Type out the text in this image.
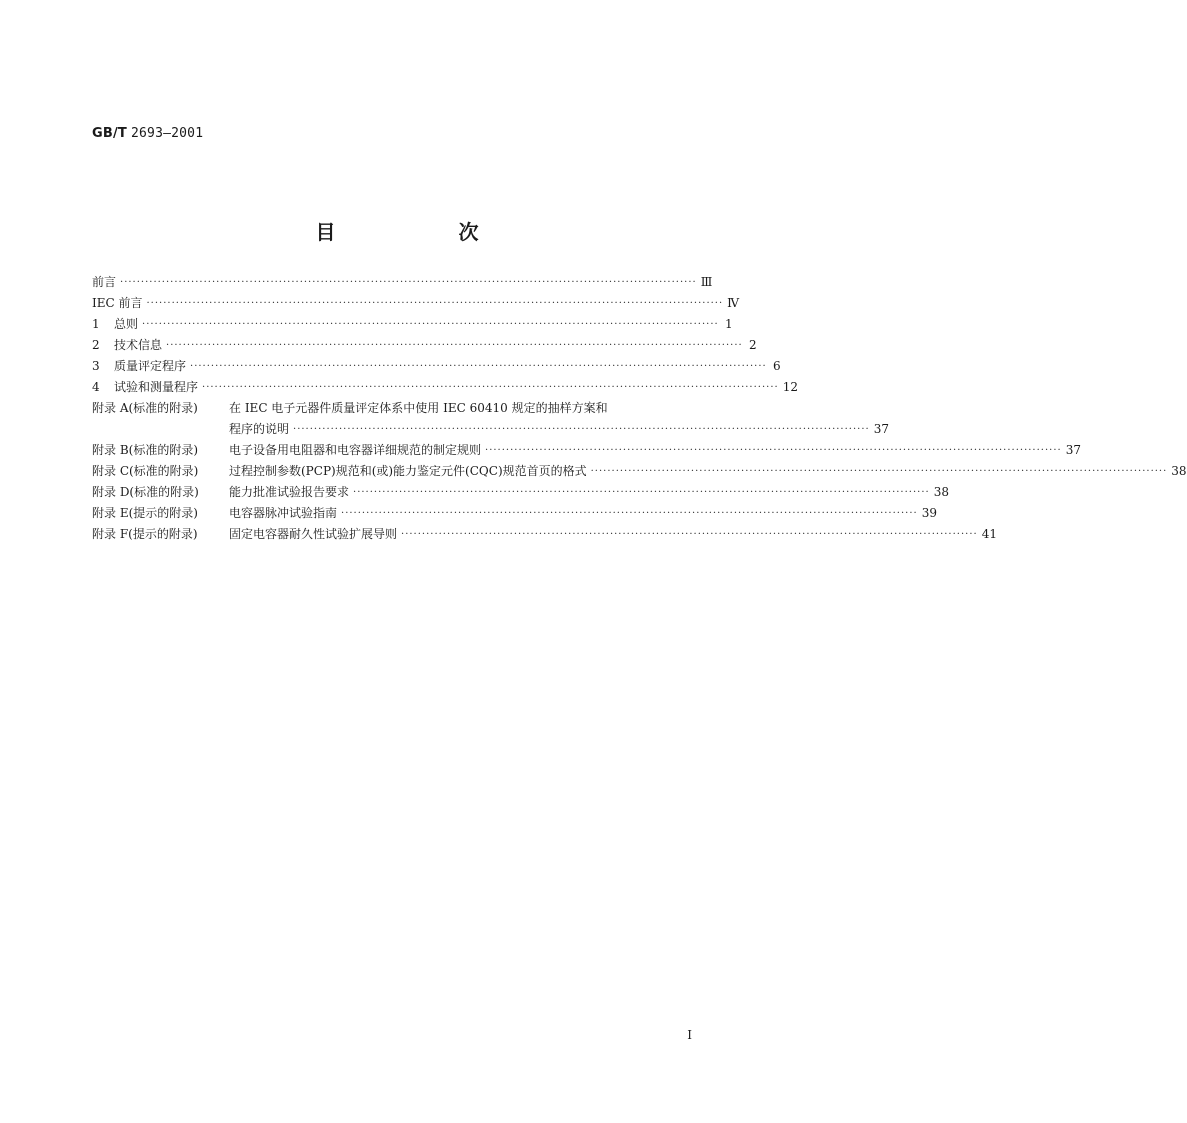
GB/T 2693—2001
目 次
前言 ·········································································································································· Ⅲ
IEC 前言 ·········································································································································· Ⅳ
1	总则 ·········································································································································· 1
2	技术信息 ·········································································································································· 2
3	质量评定程序 ·········································································································································· 6
4	试验和测量程序 ·········································································································································· 12
附录 A(标准的附录)	在 IEC 电子元器件质量评定体系中使用 IEC 60410 规定的抽样方案和
程序的说明 ·········································································································································· 37
附录 B(标准的附录)	电子设备用电阻器和电容器详细规范的制定规则 ·········································································································································· 37
附录 C(标准的附录)	过程控制参数(PCP)规范和(或)能力鉴定元件(CQC)规范首页的格式 ·········································································································································· 38
附录 D(标准的附录)	能力批准试验报告要求 ·········································································································································· 38
附录 E(提示的附录)	电容器脉冲试验指南 ·········································································································································· 39
附录 F(提示的附录)	固定电容器耐久性试验扩展导则 ·········································································································································· 41
I
